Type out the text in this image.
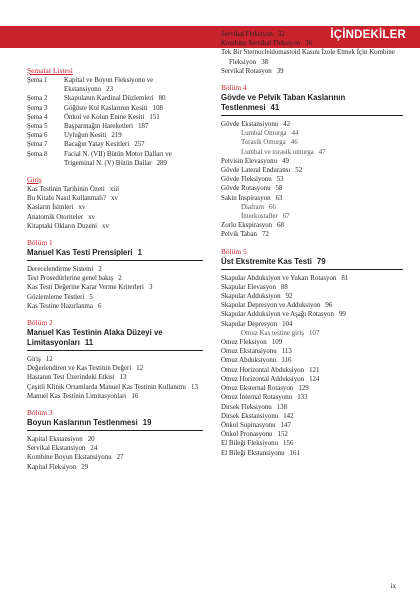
İÇİNDEKİLER
Şemalar Listesi
Şema 1	Kapital ve Boyun Fleksiyonu ve Ekstansiyonu 23
Şema 2	Skapulanın Kardinal Düzlemleri 80
Şema 3	Göğüste Kol Kaslarının Kesiti 108
Şema 4	Önkol ve Kolun Enine Kesiti 151
Şema 5	Başparmağın Hareketleri 187
Şema 6	Uyluğun Kesiti 219
Şema 7	Bacağın Yatay Kesitleri 257
Şema 8	Facial N. (VII) Bütün Motor Dalları ve Trigeminal N. (V) Bütün Dallar 289
Giriş
Kas Testinin Tarihinin Özeti xiii
Bu Kitabı Nasıl Kullanmalı? xv
Kasların İsimleri xv
Anatomik Otoriteler xv
Kitaptaki Okların Duzeni xv
Bölüm 1
Manuel Kas Testi Prensipleri 1
Derecelendirme Sistemi 2
Test Prosedürlerine genel bakış 2
Kas Testi Değerine Karar Verme Kriterleri 3
Gözlemleme Testleri 5
Kas Testine Hazırlanma 6
Bölüm 2
Manuel Kas Testinin Alaka Düzeyi ve Limitasyonları 11
Giriş 12
Değerlendiren ve Kas Testinin Değeri 12
Hastanın Test Üzerindeki Etkisi 13
Çeşitli Klinik Ortamlarda Manuel Kas Testinin Kullanımı 13
Manuel Kas Testinin Limitasyonları 16
Bölüm 3
Boyun Kaslarının Testlenmesi 19
Kapital Ekstansiyon 20
Servikal Ekstansiyon 24
Kombine Boyun Ekstansiyonu 27
Kapital Fleksiyon 29
Servikal Fleksiyon 32
Kombine Servikal Fleksiyon 36
Tek Bir Sternocleidomastoid Kasını İzole Etmek İçin Kombine Fleksiyon 38
Servikal Rotasyon 39
Bölüm 4
Gövde ve Pelvik Taban Kaslarının Testlenmesi 41
Gövde Ekstansiyonu 42
Lumbal Omurga 44
Torasik Omurga 46
Lumbal ve torasik omurga 47
Pelvisin Elevasyonu 49
Gövde Lateral Enduransı 52
Gövde Fleksiyonu 53
Gövde Rotasyonu 58
Sakin İnspirasyon 63
Diafram 66
İnterkostaller 67
Zorlu Ekspirasyon 68
Pelvik Taban 72
Bölüm 5
Üst Ekstremite Kas Testi 79
Skapular Abduksiyon ve Yukarı Rotasyon 81
Skapular Elevasyon 88
Skapular Adduksiyon 92
Skapular Depresyon ve Adduksiyon 96
Skapular Adduksiyon ve Aşağı Rotasyon 99
Skapular Depresyon 104
Omuz Kas testine giriş 107
Omuz Fleksiyon 109
Omuz Ekstansiyonu 113
Omuz Abduksiyonu 116
Omuz Horizontal Abduksiyon 121
Omuz Horizontal Adduksiyon 124
Omuz Eksternal Rotasyon 129
Omuz İnternal Rotasyonu 133
Dirsek Fleksiyonu 138
Dirsek Ekstansiyonu 142
Önkol Supinasyonu 147
Önkol Pronasyonu 152
El Bileği Fleksiyonu 156
El Bileği Ekstansiyonu 161
ix
